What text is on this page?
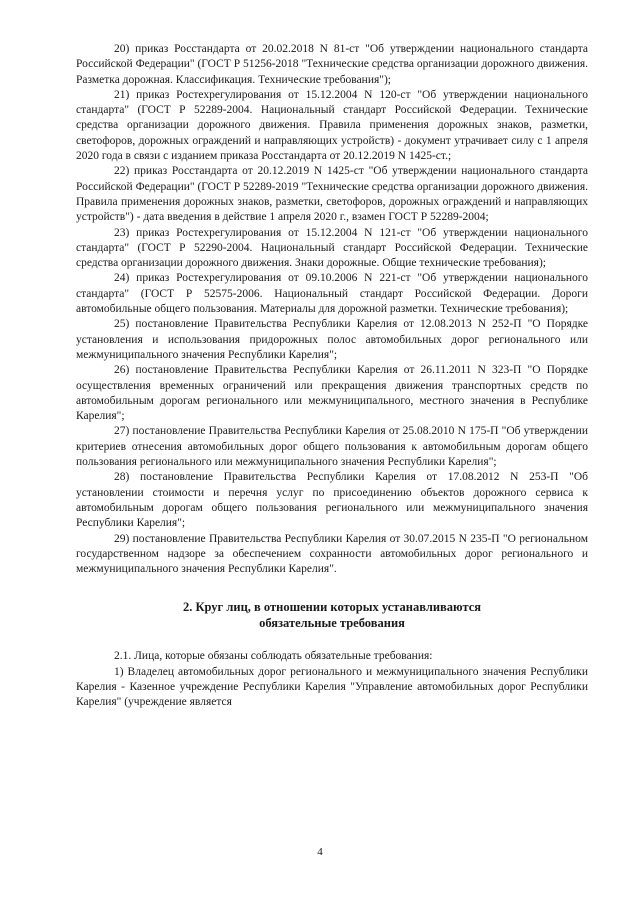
20) приказ Росстандарта от 20.02.2018 N 81-ст "Об утверждении национального стандарта Российской Федерации" (ГОСТ Р 51256-2018 "Технические средства организации дорожного движения. Разметка дорожная. Классификация. Технические требования");

21) приказ Ростехрегулирования от 15.12.2004 N 120-ст "Об утверждении национального стандарта" (ГОСТ Р 52289-2004. Национальный стандарт Российской Федерации. Технические средства организации дорожного движения. Правила применения дорожных знаков, разметки, светофоров, дорожных ограждений и направляющих устройств) - документ утрачивает силу с 1 апреля 2020 года в связи с изданием приказа Росстандарта от 20.12.2019 N 1425-ст.;

22) приказ Росстандарта от 20.12.2019 N 1425-ст "Об утверждении национального стандарта Российской Федерации" (ГОСТ Р 52289-2019 "Технические средства организации дорожного движения. Правила применения дорожных знаков, разметки, светофоров, дорожных ограждений и направляющих устройств") - дата введения в действие 1 апреля 2020 г., взамен ГОСТ Р 52289-2004;

23) приказ Ростехрегулирования от 15.12.2004 N 121-ст "Об утверждении национального стандарта" (ГОСТ Р 52290-2004. Национальный стандарт Российской Федерации. Технические средства организации дорожного движения. Знаки дорожные. Общие технические требования);

24) приказ Ростехрегулирования от 09.10.2006 N 221-ст "Об утверждении национального стандарта" (ГОСТ Р 52575-2006. Национальный стандарт Российской Федерации. Дороги автомобильные общего пользования. Материалы для дорожной разметки. Технические требования);

25) постановление Правительства Республики Карелия от 12.08.2013 N 252-П "О Порядке установления и использования придорожных полос автомобильных дорог регионального или межмуниципального значения Республики Карелия";

26) постановление Правительства Республики Карелия от 26.11.2011 N 323-П "О Порядке осуществления временных ограничений или прекращения движения транспортных средств по автомобильным дорогам регионального или межмуниципального, местного значения в Республике Карелия";

27) постановление Правительства Республики Карелия от 25.08.2010 N 175-П "Об утверждении критериев отнесения автомобильных дорог общего пользования к автомобильным дорогам общего пользования регионального или межмуниципального значения Республики Карелия";

28) постановление Правительства Республики Карелия от 17.08.2012 N 253-П "Об установлении стоимости и перечня услуг по присоединению объектов дорожного сервиса к автомобильным дорогам общего пользования регионального или межмуниципального значения Республики Карелия";

29) постановление Правительства Республики Карелия от 30.07.2015 N 235-П "О региональном государственном надзоре за обеспечением сохранности автомобильных дорог регионального и межмуниципального значения Республики Карелия".

2. Круг лиц, в отношении которых устанавливаются
обязательные требования

2.1. Лица, которые обязаны соблюдать обязательные требования:

1) Владелец автомобильных дорог регионального и межмуниципального значения Республики Карелия - Казенное учреждение Республики Карелия "Управление автомобильных дорог Республики Карелия" (учреждение является

4
